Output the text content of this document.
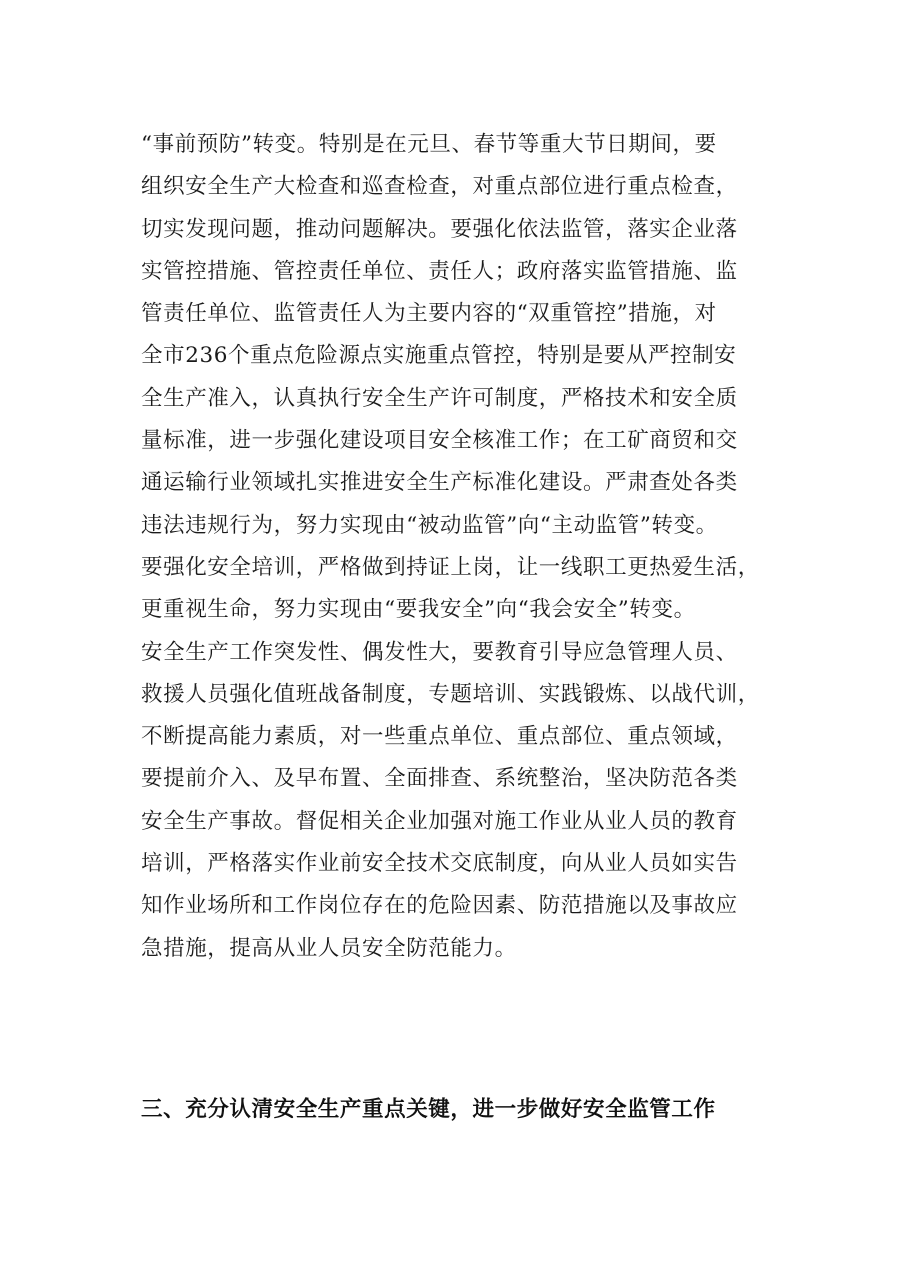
“事前预防”转变。特别是在元旦、春节等重大节日期间，要
组织安全生产大检查和巡查检查，对重点部位进行重点检查，
切实发现问题，推动问题解决。要强化依法监管，落实企业落
实管控措施、管控责任单位、责任人；政府落实监管措施、监
管责任单位、监管责任人为主要内容的“双重管控”措施，对
全市236个重点危险源点实施重点管控，特别是要从严控制安
全生产准入，认真执行安全生产许可制度，严格技术和安全质
量标准，进一步强化建设项目安全核准工作；在工矿商贸和交
通运输行业领域扎实推进安全生产标准化建设。严肃查处各类
违法违规行为，努力实现由“被动监管”向“主动监管”转变。
要强化安全培训，严格做到持证上岗，让一线职工更热爱生活，
更重视生命，努力实现由“要我安全”向“我会安全”转变。
安全生产工作突发性、偶发性大，要教育引导应急管理人员、
救援人员强化值班战备制度，专题培训、实践锻炼、以战代训，
不断提高能力素质，对一些重点单位、重点部位、重点领域，
要提前介入、及早布置、全面排查、系统整治，坚决防范各类
安全生产事故。督促相关企业加强对施工作业从业人员的教育
培训，严格落实作业前安全技术交底制度，向从业人员如实告
知作业场所和工作岗位存在的危险因素、防范措施以及事故应
急措施，提高从业人员安全防范能力。
三、充分认清安全生产重点关键，进一步做好安全监管工作
